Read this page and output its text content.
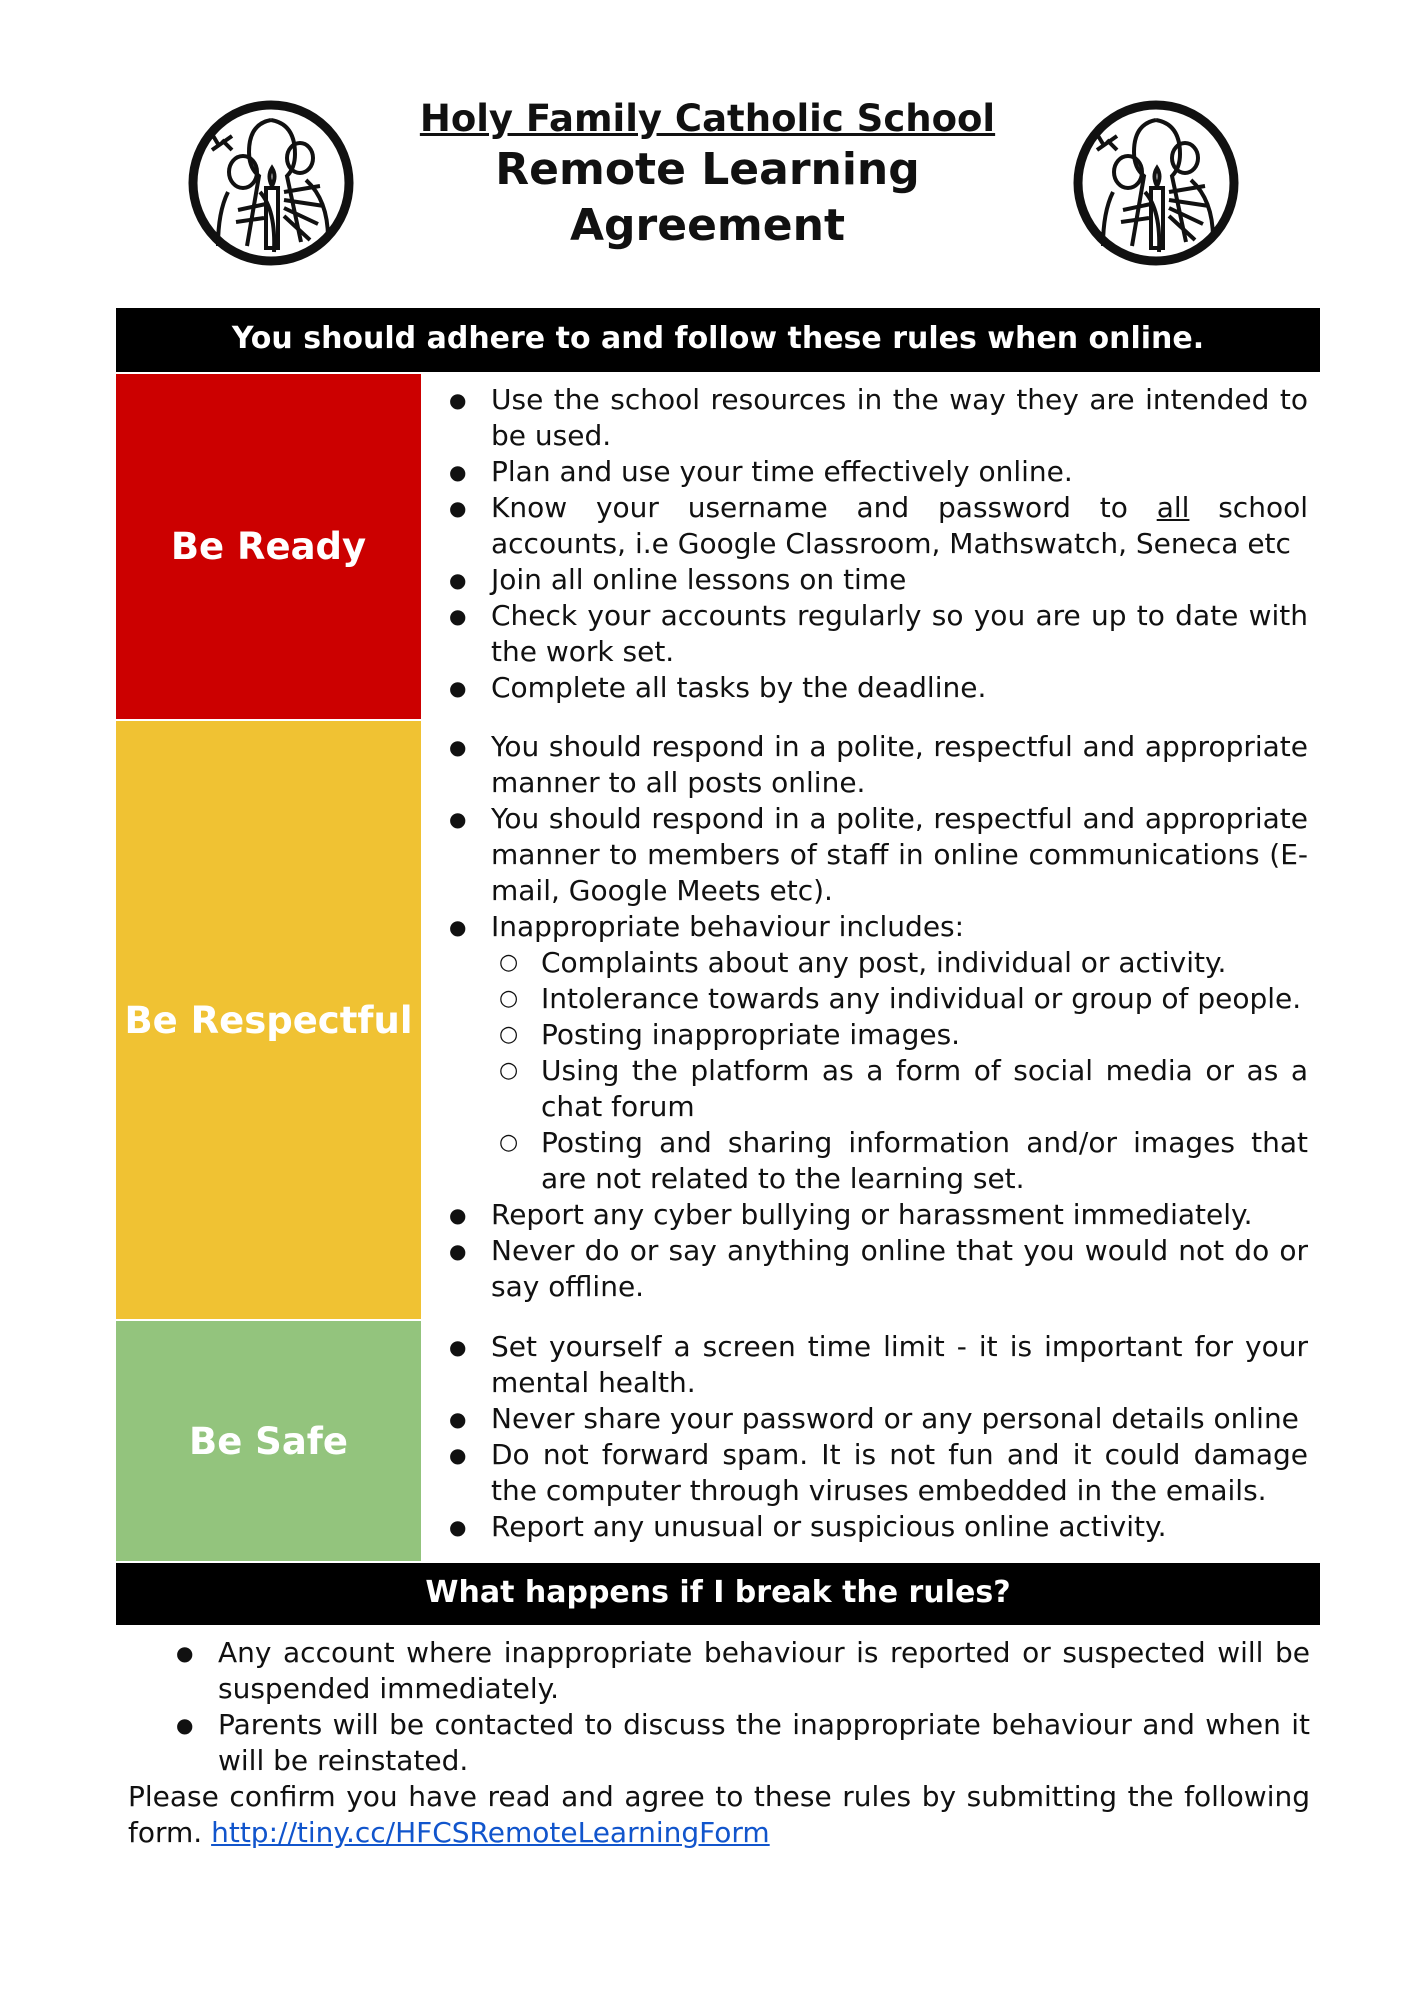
Holy Family Catholic School
Remote Learning
Agreement
You should adhere to and follow these rules when online.
Be Ready
● Use the school resources in the way they are intended to be used.
● Plan and use your time effectively online.
● Know your username and password to all school accounts, i.e Google Classroom, Mathswatch, Seneca etc
● Join all online lessons on time
● Check your accounts regularly so you are up to date with the work set.
● Complete all tasks by the deadline.
Be Respectful
● You should respond in a polite, respectful and appropriate manner to all posts online.
● You should respond in a polite, respectful and appropriate manner to members of staff in online communications (E-mail, Google Meets etc).
● Inappropriate behaviour includes:
○ Complaints about any post, individual or activity.
○ Intolerance towards any individual or group of people.
○ Posting inappropriate images.
○ Using the platform as a form of social media or as a chat forum
○ Posting and sharing information and/or images that are not related to the learning set.
● Report any cyber bullying or harassment immediately.
● Never do or say anything online that you would not do or say offline.
Be Safe
● Set yourself a screen time limit - it is important for your mental health.
● Never share your password or any personal details online
● Do not forward spam. It is not fun and it could damage the computer through viruses embedded in the emails.
● Report any unusual or suspicious online activity.
What happens if I break the rules?
● Any account where inappropriate behaviour is reported or suspected will be suspended immediately.
● Parents will be contacted to discuss the inappropriate behaviour and when it will be reinstated.
Please confirm you have read and agree to these rules by submitting the following form. http://tiny.cc/HFCSRemoteLearningForm
